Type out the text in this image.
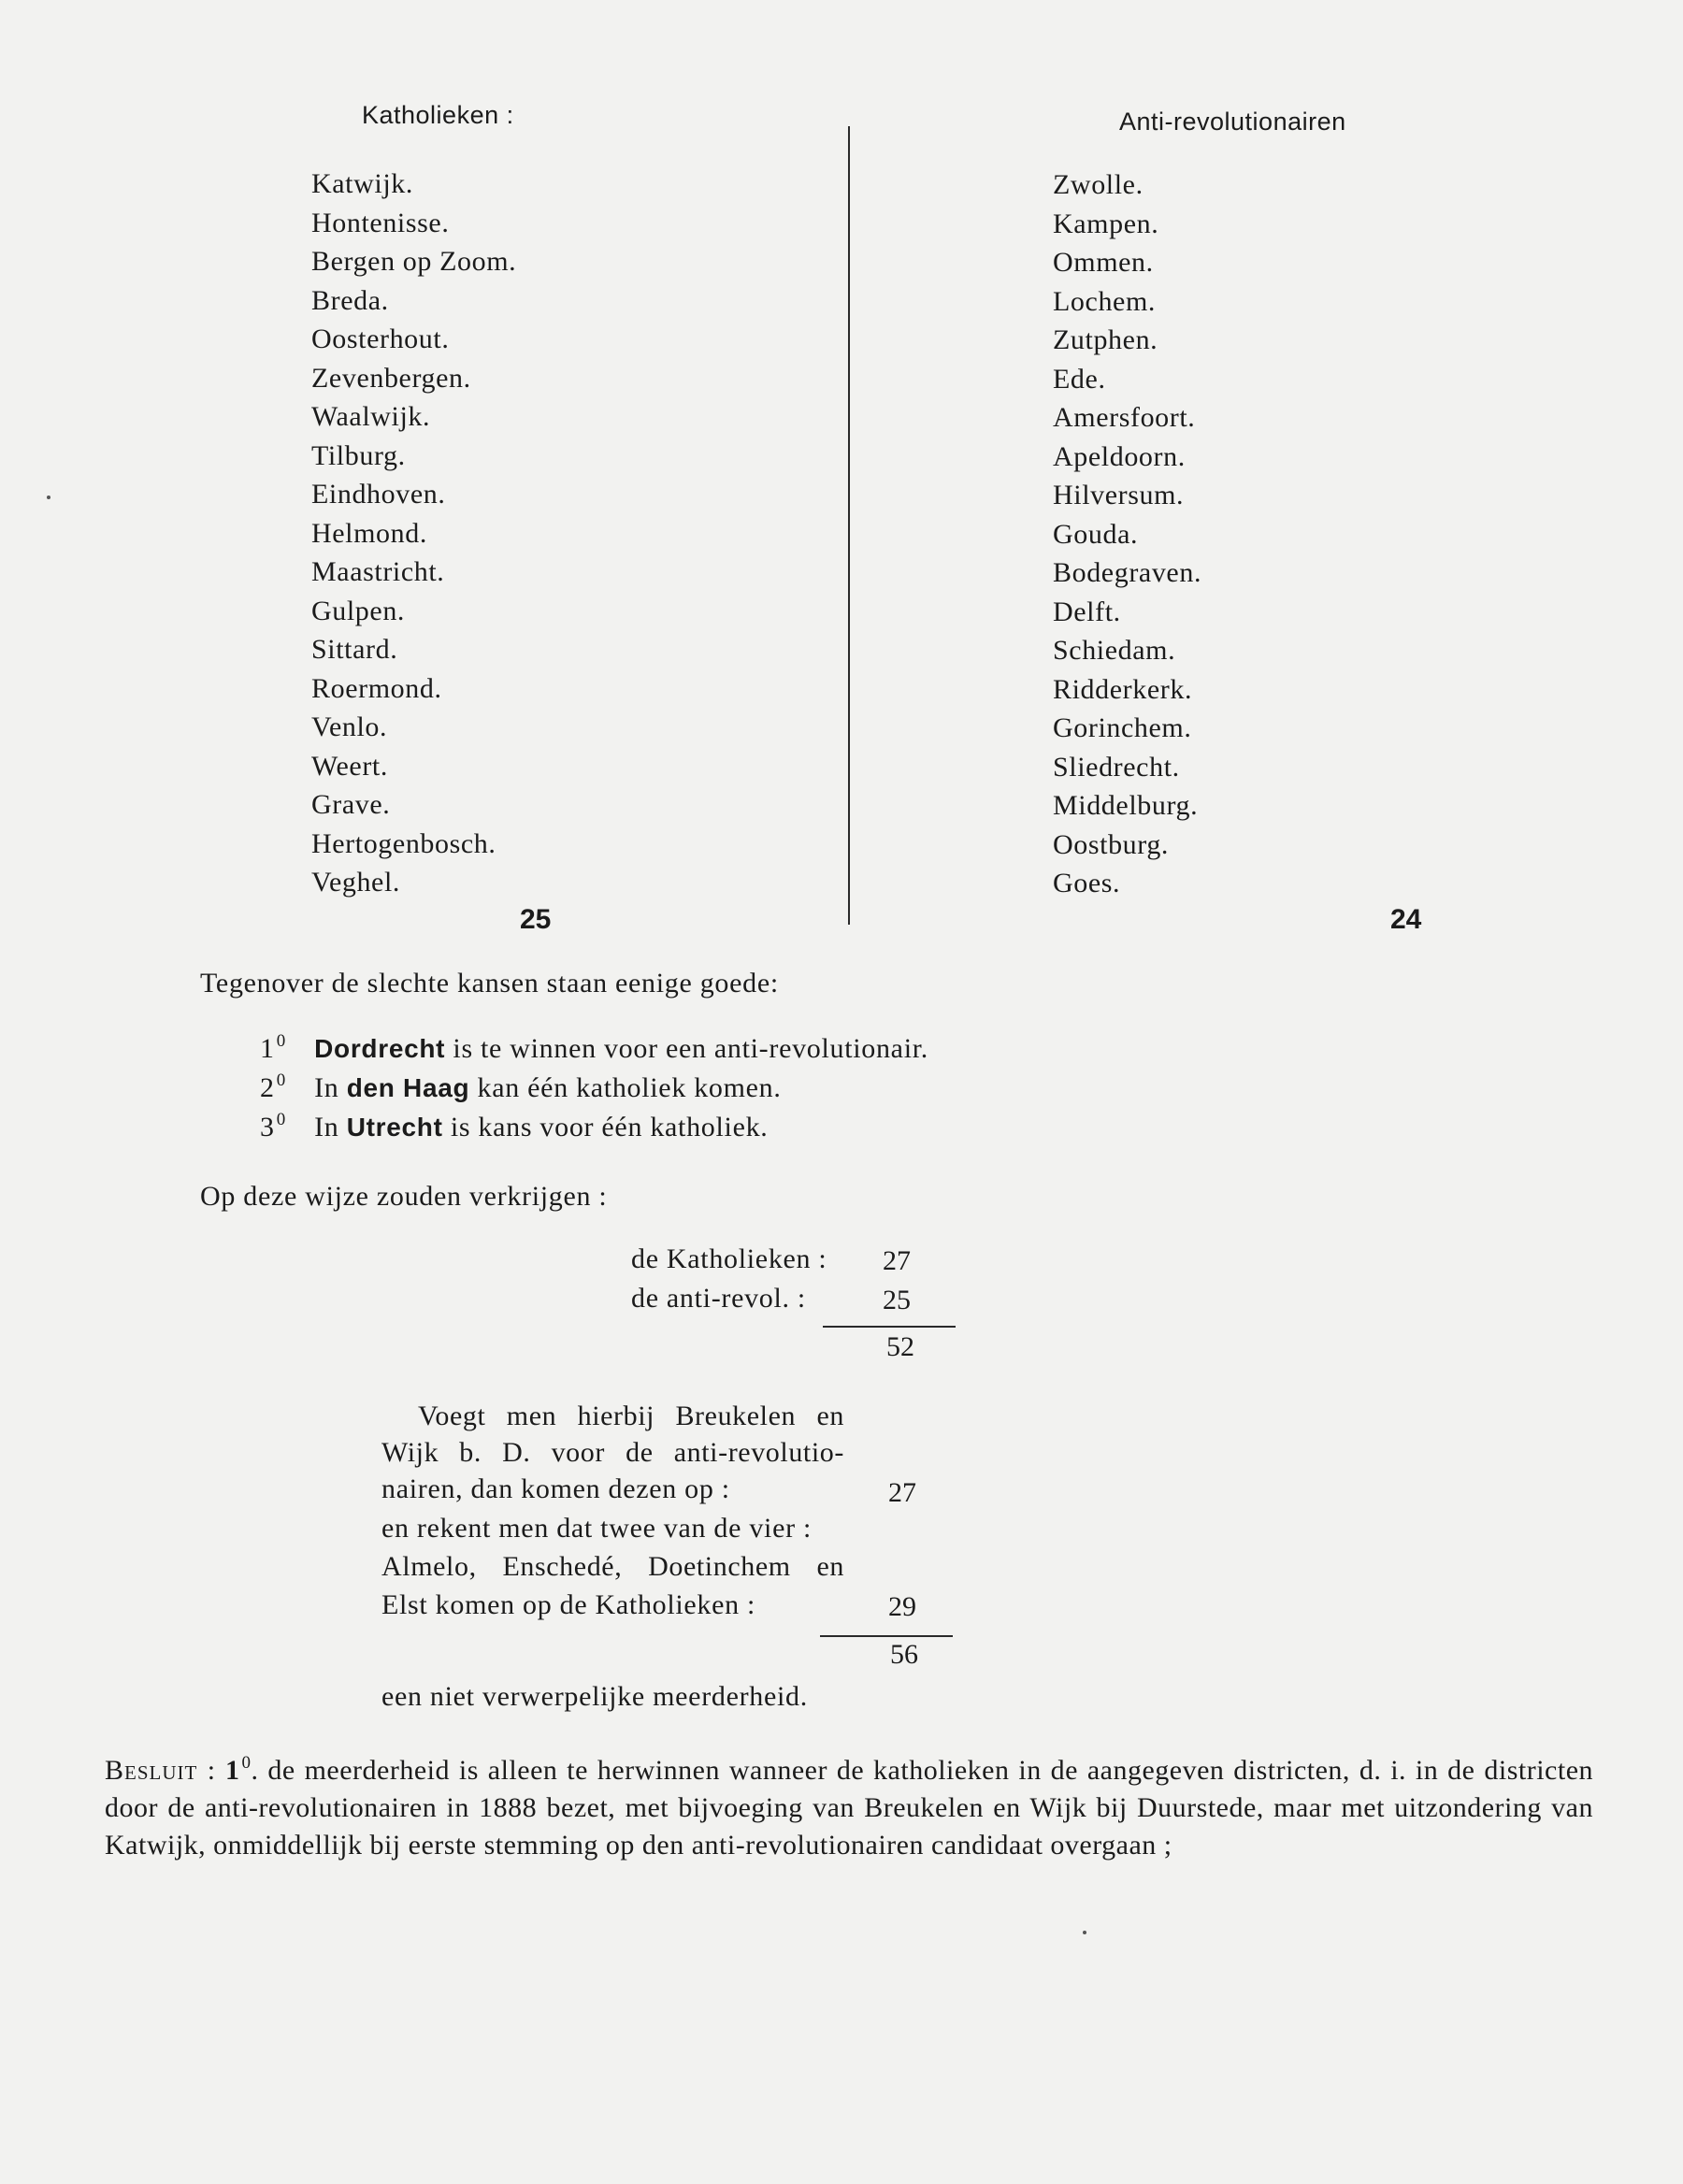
Katholieken :	Anti-revolutionairen
Katwijk.
Hontenisse.
Bergen op Zoom.
Breda.
Oosterhout.
Zevenbergen.
Waalwijk.
Tilburg.
Eindhoven.
Helmond.
Maastricht.
Gulpen.
Sittard.
Roermond.
Venlo.
Weert.
Grave.
Hertogenbosch.
Veghel.
25
Zwolle.
Kampen.
Ommen.
Lochem.
Zutphen.
Ede.
Amersfoort.
Apeldoorn.
Hilversum.
Gouda.
Bodegraven.
Delft.
Schiedam.
Ridderkerk.
Gorinchem.
Sliedrecht.
Middelburg.
Oostburg.
Goes.
24
Tegenover de slechte kansen staan eenige goede:
1 $^0$ Dordrecht is te winnen voor een anti-revolutionair.
2 $^0$ In den Haag kan één katholiek komen.
3 $^0$ In Utrecht is kans voor één katholiek.
Op deze wijze zouden verkrijgen :
de Katholieken : 27
de anti-revol. :	25
52
Voegt men hierbij Breukelen en
Wijk b. D. voor de anti-revolutio-
nairen, dan komen dezen op :	27
en rekent men dat twee van de vier :
Almelo, Enschedé, Doetinchem en
Elst komen op de Katholieken :	29
56
een niet verwerpelijke meerderheid.
Besluit : 1 $^0$. de meerderheid is alleen te herwinnen wanneer de katholieken in de aangegeven districten, d. i. in de districten door de anti-revolutionairen in 1888 bezet, met bijvoeging van Breukelen en Wijk bij Duurstede, maar met uitzondering van Katwijk, onmiddellijk bij eerste stemming op den anti-revolutionairen candidaat overgaan ;
